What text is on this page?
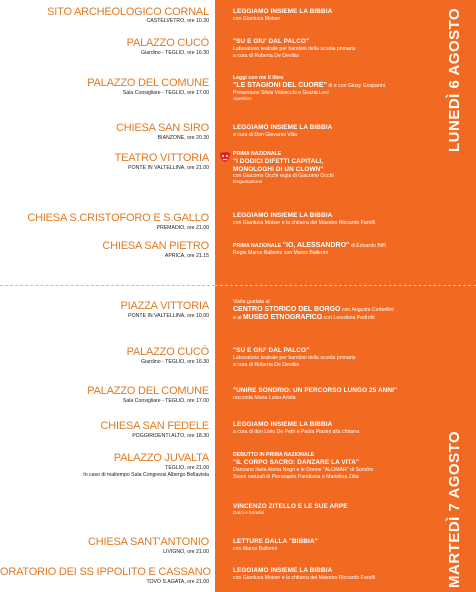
SITO ARCHEOLOGICO CORNAL
CASTELVETRO, ore 10.30
LEGGIAMO INSIEME LA BIBBIA
con Gianluca Moiser
PALAZZO CUCÒ
Giardino - TEGLIO, ore 16.30
"SU E GIU' DAL PALCO"
Laboratorio teatrale per bambini della scuola primaria
a cura di Roberta De Devitiis
PALAZZO DEL COMUNE
Sala Consigliare - TEGLIO, ore 17.00
Leggi con me il libro
"LE STAGIONI DEL CUORE" di e con Giusy Gosparini.
Presentano Silvia Valsecchi e Grazia Levi
Aperitivo
CHIESA SAN SIRO
BIANZONE, ore 20.30
LEGGIAMO INSIEME LA BIBBIA
a cura di Don Giovanni Villa
TEATRO VITTORIA
PONTE IN VALTELLINA, ore 21.00
PRIMA NAZIONALE
"I DODICI DIFETTI CAPITALI,
MONOLOGHI DI UN CLOWN"
con Giacomo Occhi regia di Giacomo Occhi
Degustazione
CHIESA S.CRISTOFORO E S.GALLO
PREMADIO, ore 21.00
LEGGIAMO INSIEME LA BIBBIA
con Gianluca Moiser e la chitarra del Maestro Riccardo Farolfi
CHIESA SAN PIETRO
APRICA, ore 21.15
PRIMA NAZIONALE "IO, ALESSANDRO" di Edoardo Biffi
Regia Marco Ballerini con Marco Ballerini
LUNEDÌ 6 AGOSTO
PIAZZA VITTORIA
PONTE IN VALTELLINA, ore 10.00
Visita guidata al
CENTRO STORICO DEL BORGO con Augusta Corbellini
e al MUSEO ETNOGRAFICO con Loredana Pedrotti
PALAZZO CUCÒ
Giardino - TEGLIO, ore 16.30
"SU E GIU' DAL PALCO"
Laboratorio teatrale per bambini della scuola primaria
a cura di Roberta De Devitiis
PALAZZO DEL COMUNE
Sala Consigliare - TEGLIO, ore 17.00
"UNIRE SONDRIO: UN PERCORSO LUNGO 25 ANNI"
racconta Maria Luisa Arista
CHIESA SAN FEDELE
POGGIRIDENTI ALTO, ore 18.30
LEGGIAMO INSIEME LA BIBBIA
a cura di don Livio De Petri e Paola Piasini alla chitarra
PALAZZO JUVALTA
TEGLIO, ore 21.00
In caso di maltempo Sala Congressi Albergo Bellavista
DEBUTTO IN PRIMA NAZIONALE
"IL CORPO SACRO: DANZARE LA VITA"
Danzano Ilaria Atena Negri e le Donne "ALOMAR" di Sondrio
Suoni naturali di Pierangelo Pandiscia e Marielina Zitta
VINCENZO ZITELLO E LE SUE ARPE
Dolci e brindisi
CHIESA SANT'ANTONIO
LIVIGNO, ore 21.00
LETTURE DALLA "BIBBIA"
con Marco Ballerini
ORATORIO DEI SS IPPOLITO E CASSANO
TOVO S.AGATA, ore 21.00
LEGGIAMO INSIEME LA BIBBIA
con Gianluca Moiser e la chitarra del Maestro Riccardo Farolfi	MARTEDÌ 7 AGOSTO
